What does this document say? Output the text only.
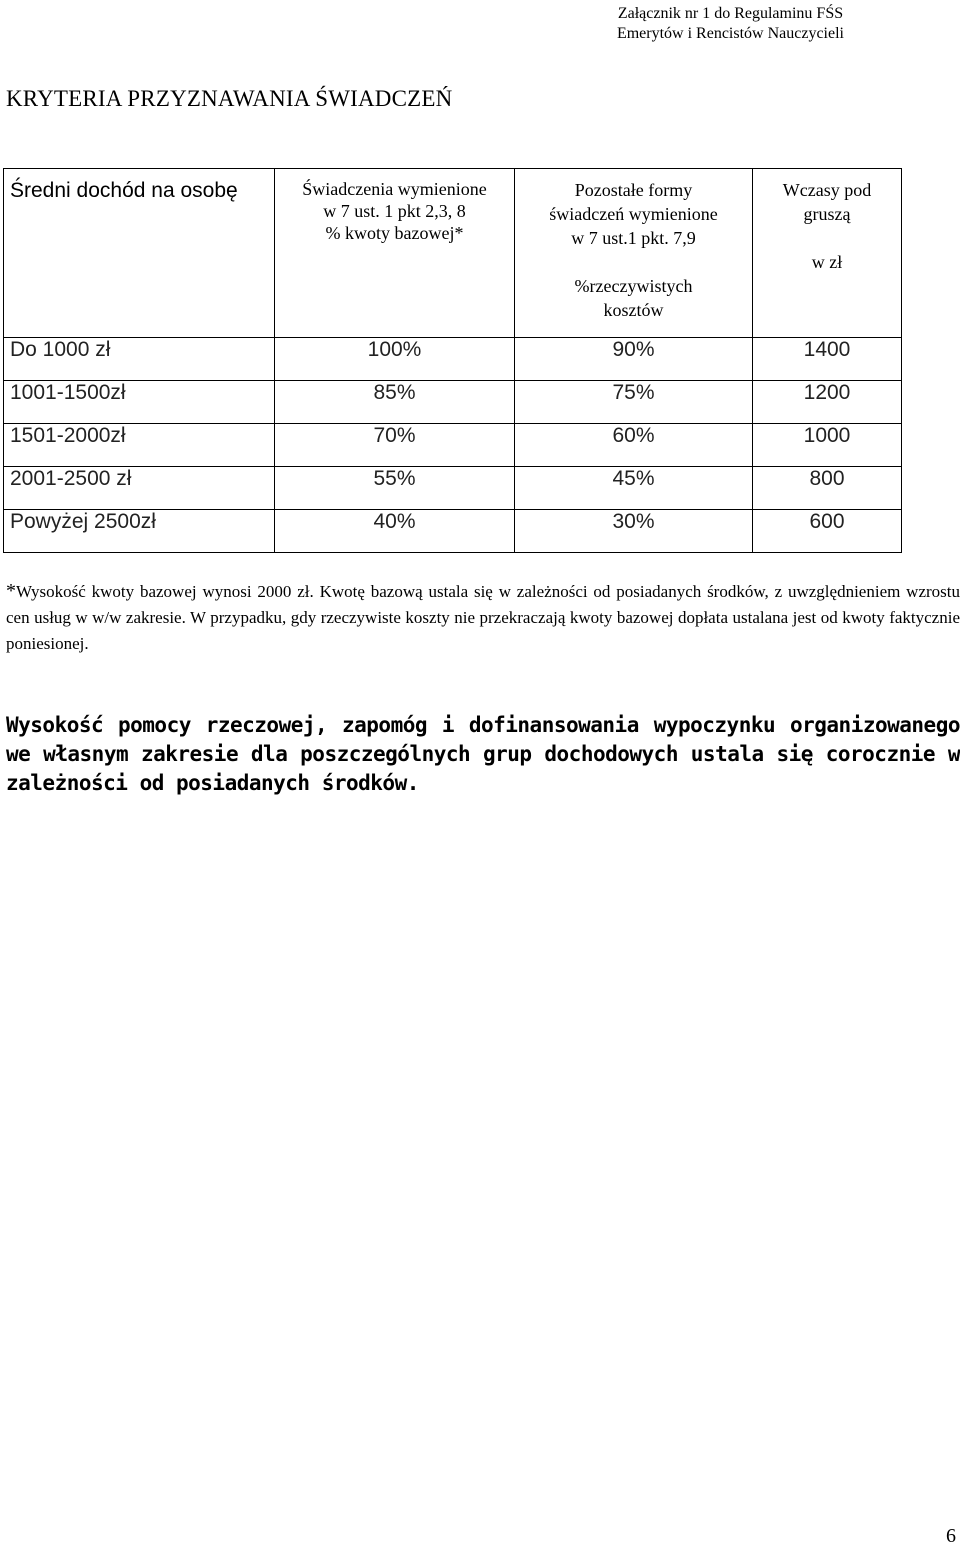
Załącznik nr 1 do Regulaminu FŚS
Emerytów i Rencistów Nauczycieli
KRYTERIA PRZYZNAWANIA ŚWIADCZEŃ
Średni dochód na osobę	Świadczenia wymienione
w 7 ust. 1 pkt 2,3, 8
% kwoty bazowej*	Pozostałe formy
świadczeń wymienione
w 7 ust.1 pkt. 7,9
%rzeczywistych
kosztów	Wczasy pod
gruszą
w zł

Do 1000 zł	100%	90%	1400
1001-1500zł	85%	75%	1200
1501-2000zł	70%	60%	1000
2001-2500 zł	55%	45%	800
Powyżej 2500zł	40%	30%	600

*Wysokość kwoty bazowej wynosi 2000 zł. Kwotę bazową ustala się w zależności od posiadanych środków, z uwzględnieniem wzrostu cen usług w w/w zakresie. W przypadku, gdy rzeczywiste koszty nie przekraczają kwoty bazowej dopłata ustalana jest od kwoty faktycznie poniesionej.

Wysokość pomocy rzeczowej, zapomóg i dofinansowania wypoczynku organizowanego we własnym zakresie dla poszczególnych grup dochodowych ustala się corocznie w zależności od posiadanych środków.

6
